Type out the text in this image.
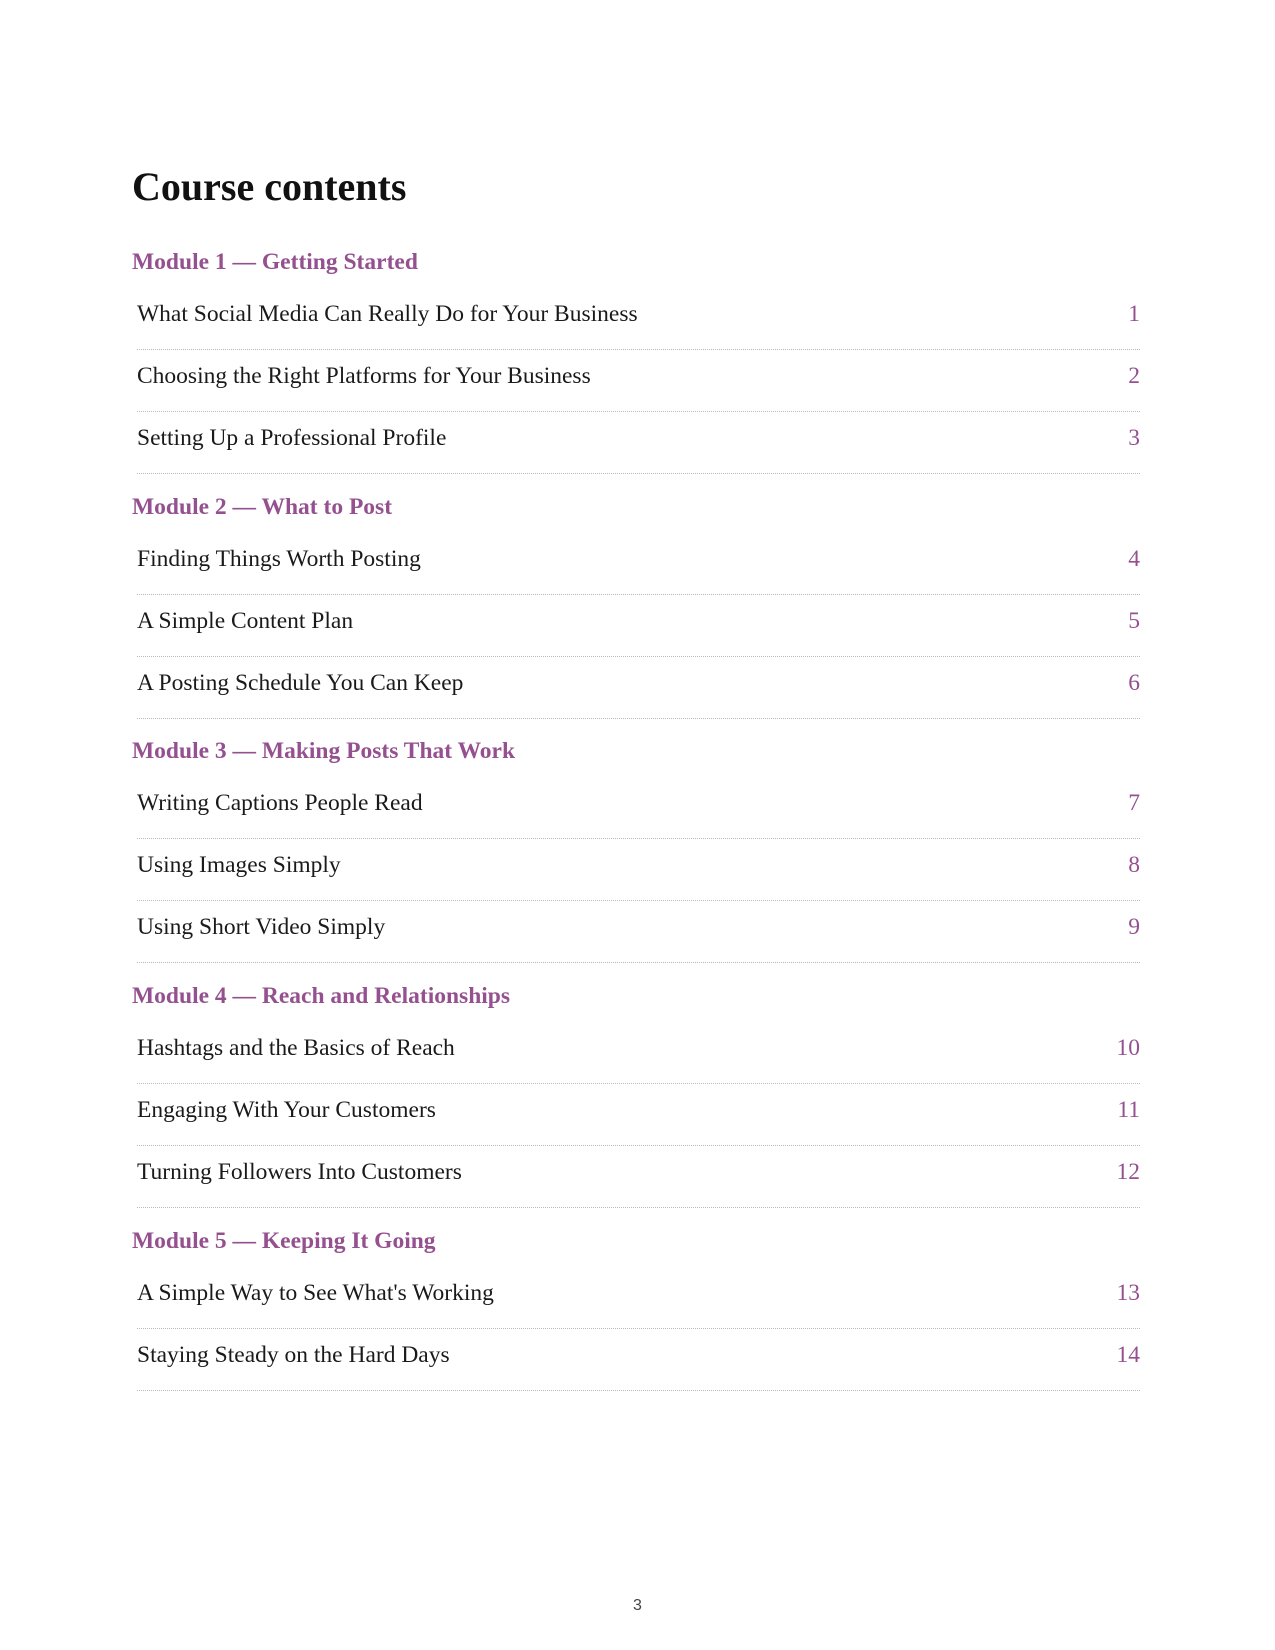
Course contents
Module 1 — Getting Started
What Social Media Can Really Do for Your Business	1
Choosing the Right Platforms for Your Business	2
Setting Up a Professional Profile	3
Module 2 — What to Post
Finding Things Worth Posting	4
A Simple Content Plan	5
A Posting Schedule You Can Keep	6
Module 3 — Making Posts That Work
Writing Captions People Read	7
Using Images Simply	8
Using Short Video Simply	9
Module 4 — Reach and Relationships
Hashtags and the Basics of Reach	10
Engaging With Your Customers	11
Turning Followers Into Customers	12
Module 5 — Keeping It Going
A Simple Way to See What's Working	13
Staying Steady on the Hard Days	14
3
